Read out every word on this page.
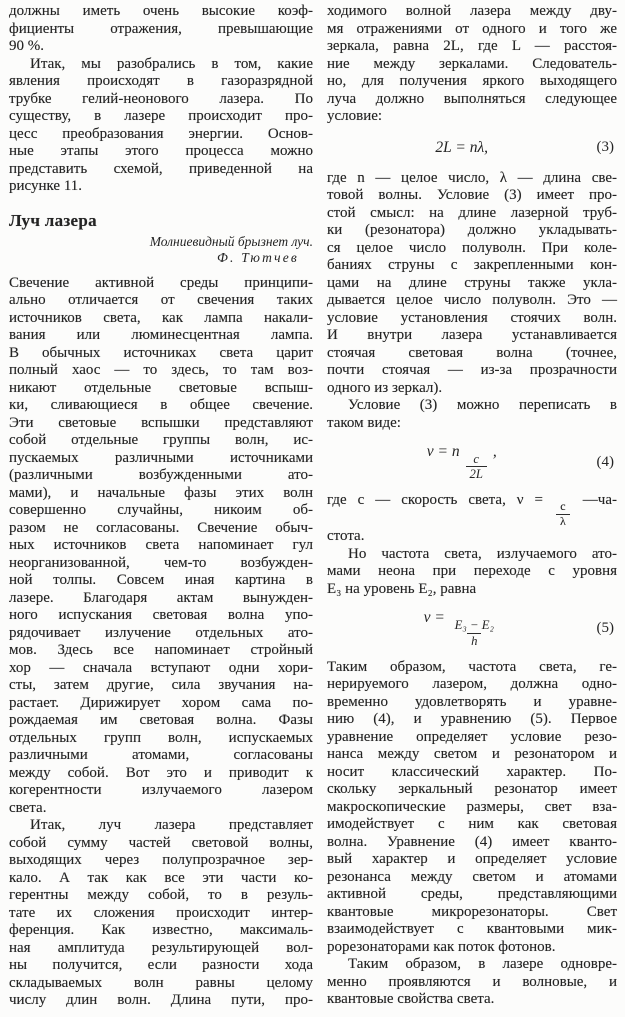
должны иметь очень высокие коэф-
фициенты отражения, превышающие
90 %.
Итак, мы разобрались в том, какие
явления происходят в газоразрядной
трубке гелий-неонового лазера. По
существу, в лазере происходит про-
цесс преобразования энергии. Основ-
ные этапы этого процесса можно
представить схемой, приведенной на
рисунке 11.
Луч лазера
Молниевидный брызнет луч.
Ф. Тютчев
Свечение активной среды принципи-
ально отличается от свечения таких
источников света, как лампа накали-
вания или люминесцентная лампа.
В обычных источниках света царит
полный хаос — то здесь, то там воз-
никают отдельные световые вспыш-
ки, сливающиеся в общее свечение.
Эти световые вспышки представляют
собой отдельные группы волн, ис-
пускаемых различными источниками
(различными возбужденными ато-
мами), и начальные фазы этих волн
совершенно случайны, никоим об-
разом не согласованы. Свечение обыч-
ных источников света напоминает гул
неорганизованной, чем-то возбужден-
ной толпы. Совсем иная картина в
лазере. Благодаря актам вынужден-
ного испускания световая волна упо-
рядочивает излучение отдельных ато-
мов. Здесь все напоминает стройный
хор — сначала вступают одни хори-
сты, затем другие, сила звучания на-
растает. Дирижирует хором сама по-
рождаемая им световая волна. Фазы
отдельных групп волн, испускаемых
различными атомами, согласованы
между собой. Вот это и приводит к
когерентности излучаемого лазером
света.
Итак, луч лазера представляет
собой сумму частей световой волны,
выходящих через полупрозрачное зер-
кало. А так как все эти части ко-
герентны между собой, то в резуль-
тате их сложения происходит интер-
ференция. Как известно, максималь-
ная амплитуда результирующей вол-
ны получится, если разности хода
складываемых волн равны целому
числу длин волн. Длина пути, про-
ходимого волной лазера между дву-
мя отражениями от одного и того же
зеркала, равна 2L, где L — расстоя-
ние между зеркалами. Следователь-
но, для получения яркого выходящего
луча должно выполняться следующее
условие:
2L = nλ,	(3)
где n — целое число, λ — длина све-
товой волны. Условие (3) имеет про-
стой смысл: на длине лазерной труб-
ки (резонатора) должно укладывать-
ся целое число полуволн. При коле-
баниях струны с закрепленными кон-
цами на длине струны также укла-
дывается целое число полуволн. Это —
условие установления стоячих волн.
И внутри лазера устанавливается
стоячая световая волна (точнее,
почти стоячая — из-за прозрачности
одного из зеркал).
Условие (3) можно переписать в
таком виде:
ν = n
$\frac{c}{2L}$
,
(4)
где c — скорость света, $\nu = \frac{c}{\lambda}$ —ча-
стота.
Но частота света, излучаемого ато-
мами неона при переходе с уровня
E₃ на уровень E₂, равна
ν =
$\frac{\text{E₃ − E₂}}{h}$	(5)
Таким образом, частота света, ге-
нерируемого лазером, должна одно-
временно удовлетворять и уравне-
нию (4), и уравнению (5). Первое
уравнение определяет условие резо-
нанса между светом и резонатором и
носит классический характер. По-
скольку зеркальный резонатор имеет
макроскопические размеры, свет вза-
имодействует с ним как световая
волна. Уравнение (4) имеет кванто-
вый характер и определяет условие
резонанса между светом и атомами
активной среды, представляющими
квантовые микрорезонаторы. Свет
взаимодействует с квантовыми мик-
рорезонаторами как поток фотонов.
Таким образом, в лазере одновре-
менно проявляются и волновые, и
квантовые свойства света.
